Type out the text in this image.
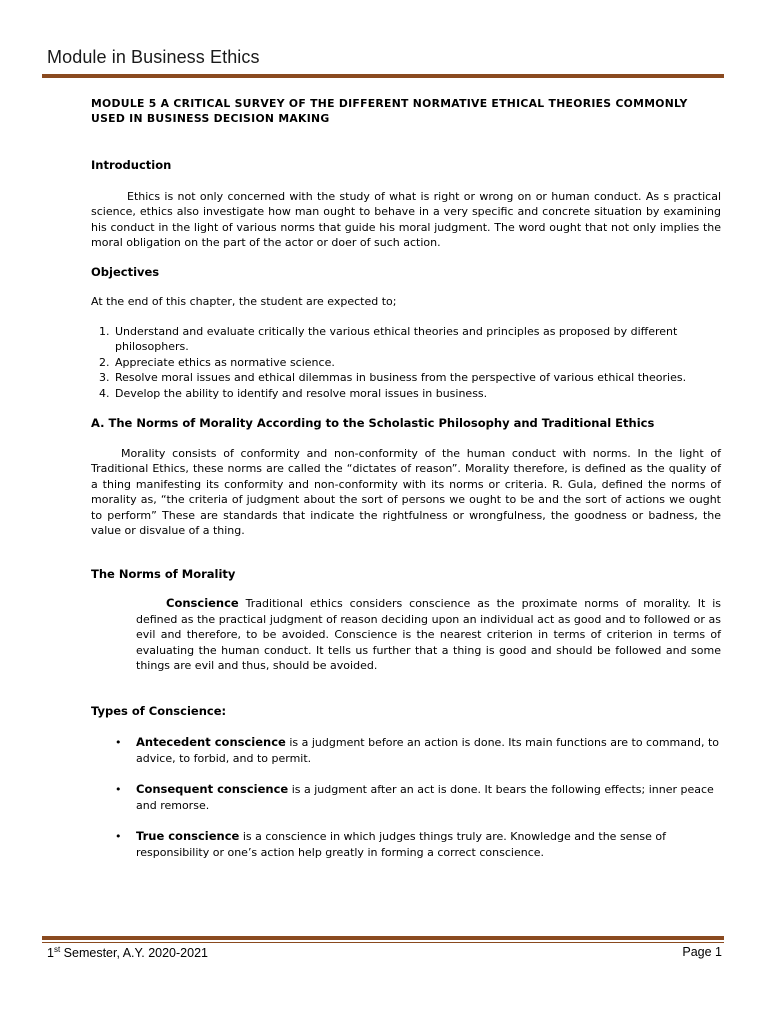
Module in Business Ethics

MODULE 5 A CRITICAL SURVEY OF THE DIFFERENT NORMATIVE ETHICAL THEORIES COMMONLY
USED IN BUSINESS DECISION MAKING

Introduction

Ethics is not only concerned with the study of what is right or wrong on or human conduct. As s practical science, ethics also investigate how man ought to behave in a very specific and concrete situation by examining his conduct in the light of various norms that guide his moral judgment. The word ought that not only implies the moral obligation on the part of the actor or doer of such action.

Objectives

At the end of this chapter, the student are expected to;

1. Understand and evaluate critically the various ethical theories and principles as proposed by different philosophers.
2. Appreciate ethics as normative science.
3. Resolve moral issues and ethical dilemmas in business from the perspective of various ethical theories.
4. Develop the ability to identify and resolve moral issues in business.

A. The Norms of Morality According to the Scholastic Philosophy and Traditional Ethics

Morality consists of conformity and non-conformity of the human conduct with norms. In the light of Traditional Ethics, these norms are called the “dictates of reason”. Morality therefore, is defined as the quality of a thing manifesting its conformity and non-conformity with its norms or criteria. R. Gula, defined the norms of morality as, “the criteria of judgment about the sort of persons we ought to be and the sort of actions we ought to perform” These are standards that indicate the rightfulness or wrongfulness, the goodness or badness, the value or disvalue of a thing.

The Norms of Morality

Conscience Traditional ethics considers conscience as the proximate norms of morality. It is defined as the practical judgment of reason deciding upon an individual act as good and to followed or as evil and therefore, to be avoided. Conscience is the nearest criterion in terms of criterion in terms of evaluating the human conduct. It tells us further that a thing is good and should be followed and some things are evil and thus, should be avoided.

Types of Conscience:

• Antecedent conscience is a judgment before an action is done. Its main functions are to command, to advice, to forbid, and to permit.
• Consequent conscience is a judgment after an act is done. It bears the following effects; inner peace and remorse.
• True conscience is a conscience in which judges things truly are. Knowledge and the sense of responsibility or one’s action help greatly in forming a correct conscience.
1st Semester, A.Y. 2020-2021	Page 1
